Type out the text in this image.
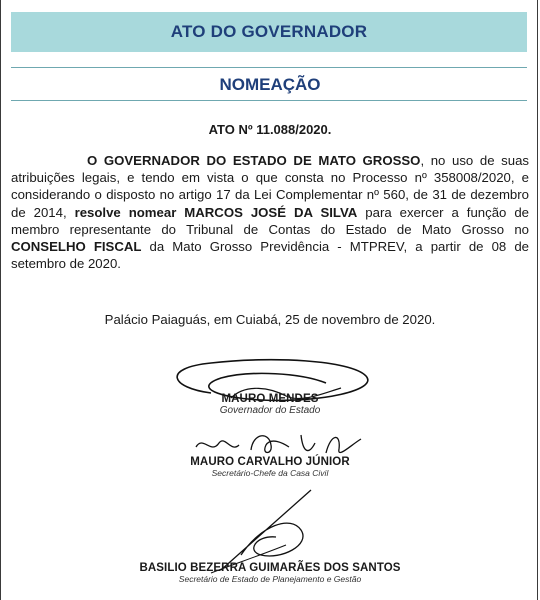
ATO DO GOVERNADOR
NOMEAÇÃO
ATO Nº 11.088/2020.
O GOVERNADOR DO ESTADO DE MATO GROSSO, no uso de suas atribuições legais, e tendo em vista o que consta no Processo nº 358008/2020, e considerando o disposto no artigo 17 da Lei Complementar nº 560, de 31 de dezembro de 2014, resolve nomear MARCOS JOSÉ DA SILVA para exercer a função de membro representante do Tribunal de Contas do Estado de Mato Grosso no CONSELHO FISCAL da Mato Grosso Previdência - MTPREV, a partir de 08 de setembro de 2020.
Palácio Paiaguás, em Cuiabá, 25 de novembro de 2020.
MAURO MENDES
Governador do Estado
MAURO CARVALHO JÚNIOR
Secretário-Chefe da Casa Civil
BASILIO BEZERRA GUIMARÃES DOS SANTOS
Secretário de Estado de Planejamento e Gestão
